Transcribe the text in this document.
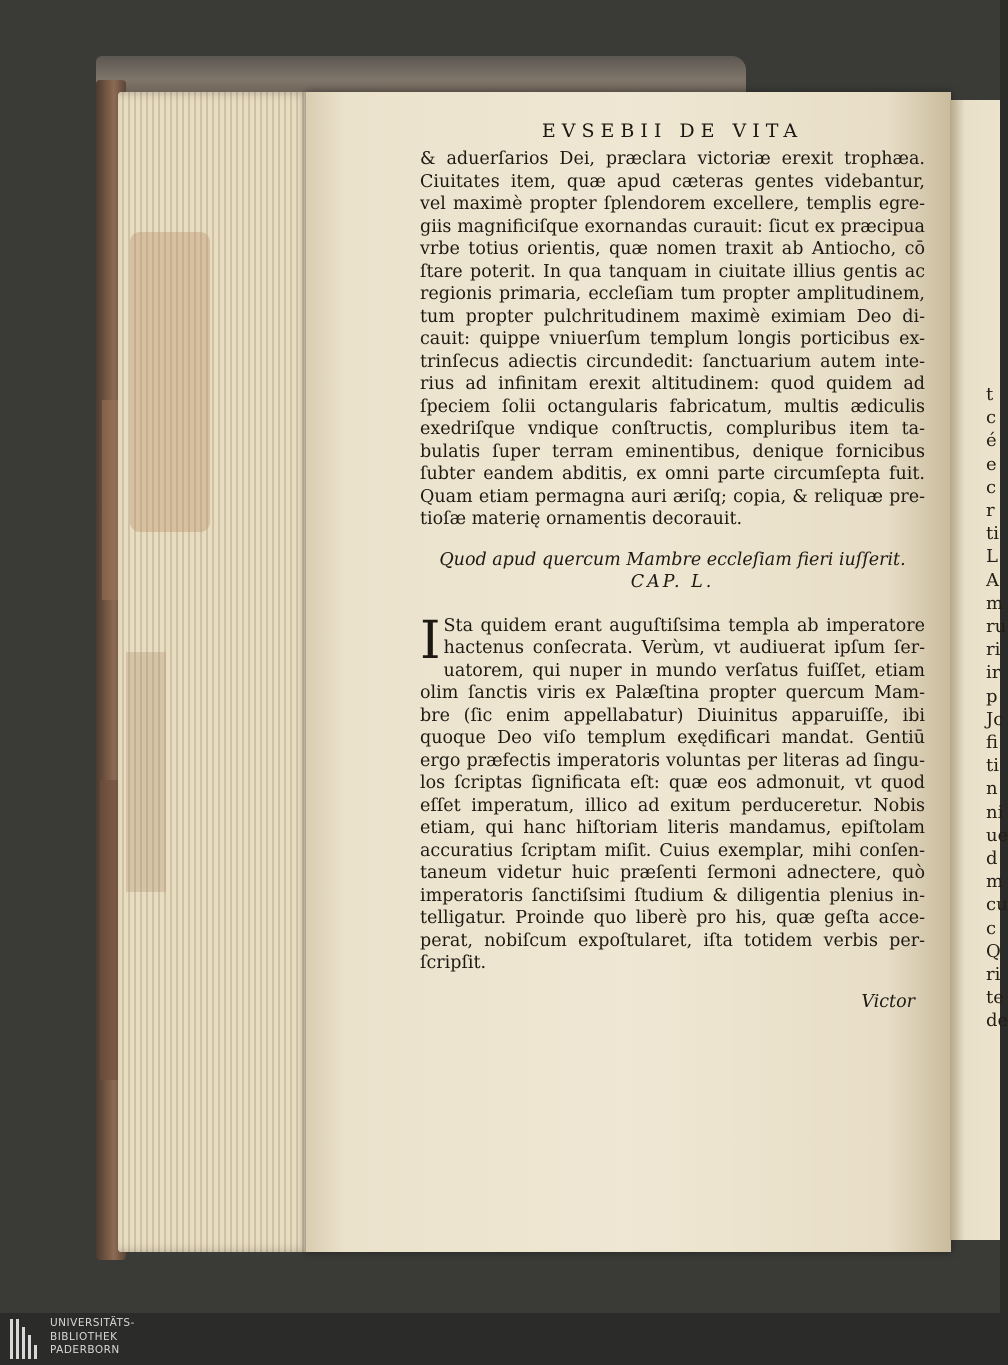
t
c
é
e
c
r
ti
L
A
m
ru
ri
ir
p
Jc
fi
ti
n
ni
ue
d
m
cu
c
Q
ri
te
de
EVSEBII DE VITA
& aduerſarios Dei, præclara victoriæ erexit trophæa.
Ciuitates item, quæ apud cæteras gentes videbantur,
vel maximè propter ſplendorem excellere, templis egre-
giis magnificiſque exornandas curauit: ſicut ex præcipua
vrbe totius orientis, quæ nomen traxit ab Antiocho, cō
ſtare poterit. In qua tanquam in ciuitate illius gentis ac
regionis primaria, eccleſiam tum propter amplitudinem,
tum propter pulchritudinem maximè eximiam Deo di-
cauit: quippe vniuerſum templum longis porticibus ex-
trinſecus adiectis circundedit: ſanctuarium autem inte-
rius ad infinitam erexit altitudinem: quod quidem ad
ſpeciem ſolii octangularis fabricatum, multis ædiculis
exedriſque vndique conſtructis, compluribus item ta-
bulatis ſuper terram eminentibus, denique fornicibus
ſubter eandem abditis, ex omni parte circumſepta fuit.
Quam etiam permagna auri æriſq; copia, & reliquæ pre-
tioſæ materię ornamentis decorauit.
Quod apud quercum Mambre eccleſiam fieri iuſſerit.
CAP. L.
I Sta quidem erant auguſtiſsima templa ab imperatore
hactenus conſecrata. Verùm, vt audiuerat ipſum ſer-
uatorem, qui nuper in mundo verſatus fuiſſet, etiam
olim ſanctis viris ex Palæſtina propter quercum Mam-
bre (ſic enim appellabatur) Diuinitus apparuiſſe, ibi
quoque Deo viſo templum exędificari mandat. Gentiū
ergo præfectis imperatoris voluntas per literas ad ſingu-
los ſcriptas ſignificata eſt: quæ eos admonuit, vt quod
eſſet imperatum, illico ad exitum perduceretur. Nobis
etiam, qui hanc hiſtoriam literis mandamus, epiſtolam
accuratius ſcriptam miſit. Cuius exemplar, mihi conſen-
taneum videtur huic præſenti ſermoni adnectere, quò
imperatoris ſanctiſsimi ſtudium & diligentia plenius in-
telligatur. Proinde quo liberè pro his, quæ geſta acce-
perat, nobiſcum expoſtularet, iſta totidem verbis per-
ſcripſit.
Victor
UNIVERSITÄTS-
BIBLIOTHEK
PADERBORN
